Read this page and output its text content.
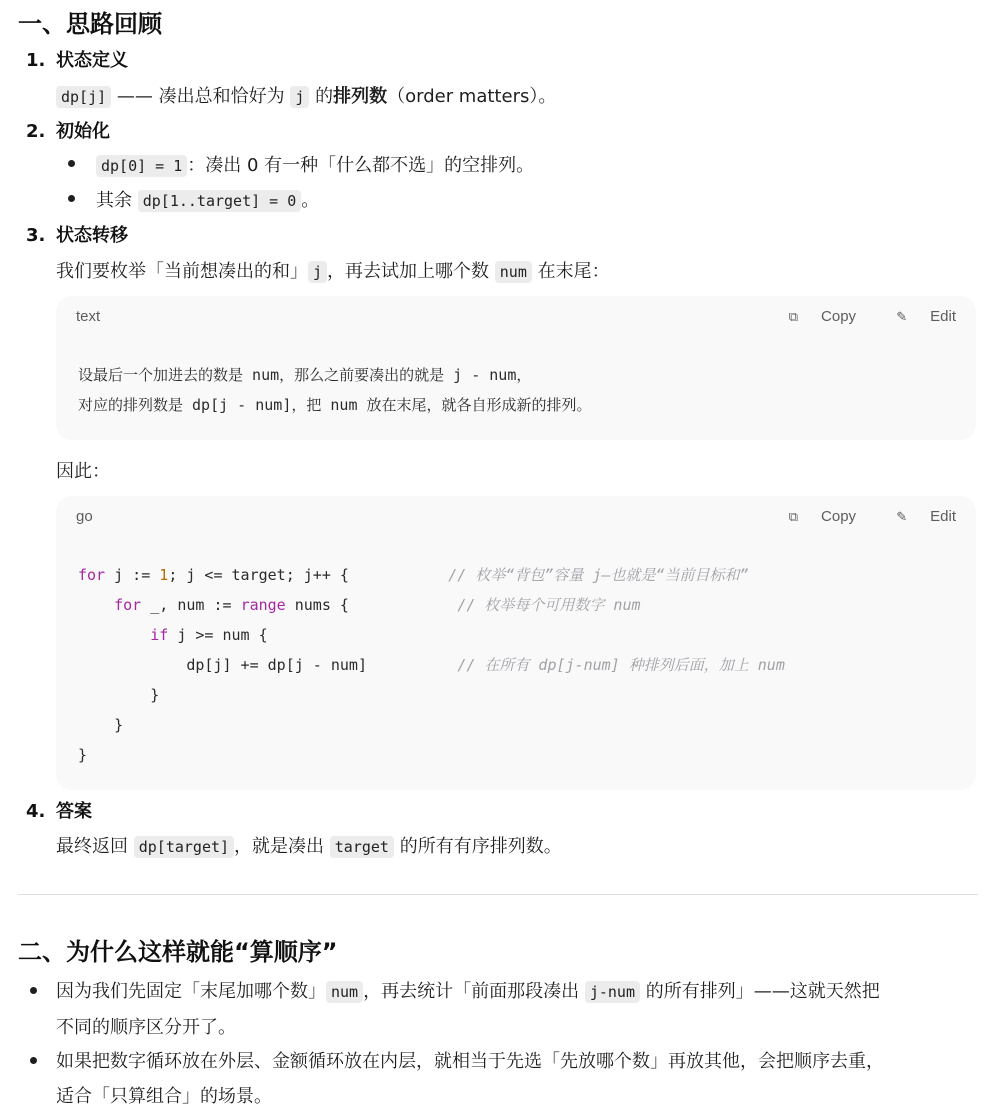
一、思路回顾
1. 状态定义
dp[j] —— 凑出总和恰好为 j 的排列数（order matters）。
2. 初始化
dp[0] = 1 ：凑出 0 有一种「什么都不选」的空排列。
其余 dp[1..target] = 0 。
3. 状态转移
我们要枚举「当前想凑出的和」 j ，再去试加上哪个数 num 在末尾：
text	⧉ Copy	✎ Edit
设最后一个加进去的数是 num，那么之前要凑出的就是 j - num，
对应的排列数是 dp[j - num]，把 num 放在末尾，就各自形成新的排列。
因此：
go	⧉ Copy	✎ Edit
for j := 1; j <= target; j++ {	// 枚举“背包”容量 j—也就是“当前目标和”
for _, num := range nums {	// 枚举每个可用数字 num
if j >= num {
dp[j] += dp[j - num]	// 在所有 dp[j-num] 种排列后面，加上 num
}
}
}
4. 答案
最终返回 dp[target] ，就是凑出 target 的所有有序排列数。
二、为什么这样就能“算顺序”
因为我们先固定「末尾加哪个数」 num ，再去统计「前面那段凑出 j-num 的所有排列」——这就天然把
不同的顺序区分开了。
如果把数字循环放在外层、金额循环放在内层，就相当于先选「先放哪个数」再放其他，会把顺序去重，
适合「只算组合」的场景。
